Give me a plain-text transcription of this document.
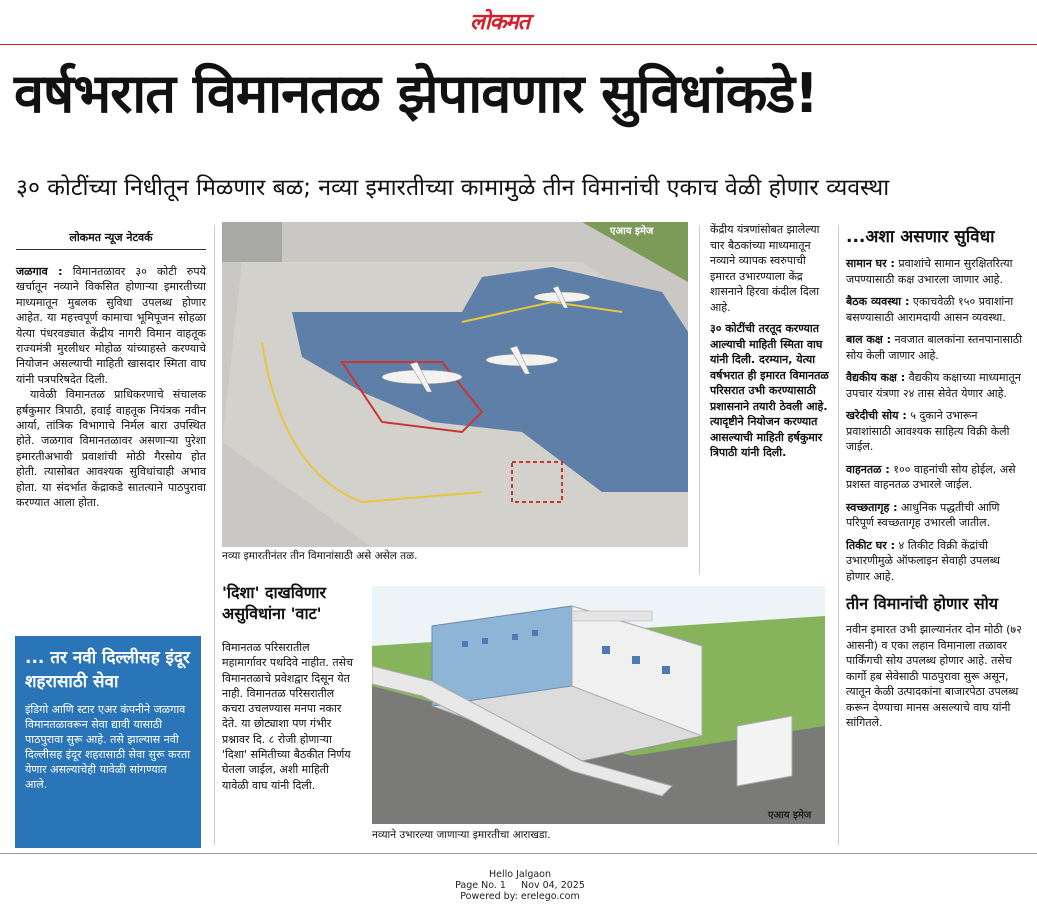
लोकमत
वर्षभरात विमानतळ झेपावणार सुविधांकडे!
३० कोटींच्या निधीतून मिळणार बळ; नव्या इमारतीच्या कामामुळे तीन विमानांची एकाच वेळी होणार व्यवस्था
लोकमत न्यूज नेटवर्क

जळगाव : विमानतळावर ३० कोटी रुपये खर्चातून नव्याने विकसित होणाऱ्या इमारतीच्या माध्यमातून मुबलक सुविधा उपलब्ध होणार आहेत. या महत्त्वपूर्ण कामाचा भूमिपूजन सोहळा येत्या पंधरवड्यात केंद्रीय नागरी विमान वाहतूक राज्यमंत्री मुरलीधर मोहोळ यांच्याहस्ते करण्याचे नियोजन असल्याची माहिती खासदार स्मिता वाघ यांनी पत्रपरिषदेत दिली.

यावेळी विमानतळ प्राधिकरणाचे संचालक हर्षकुमार त्रिपाठी, हवाई वाहतूक नियंत्रक नवीन आर्या, तांत्रिक विभागाचे निर्मल बारा उपस्थित होते. जळगाव विमानतळावर असणाऱ्या पुरेशा इमारतीअभावी प्रवाशांची मोठी गैरसोय होत होती. त्यासोबत आवश्यक सुविधांचाही अभाव होता. या संदर्भात केंद्राकडे सातत्याने पाठपुरावा करण्यात आला होता.

... तर नवी दिल्लीसह इंदूर शहरासाठी सेवा
इंडिगो आणि स्टार एअर कंपनीने जळगाव विमानतळावरून सेवा द्यावी यासाठी पाठपुरावा सुरू आहे. तसे झाल्यास नवी दिल्लीसह इंदूर शहरासाठी सेवा सुरू करता येणार असल्याचेही यावेळी सांगण्यात आले.
एआय इमेज
नव्या इमारतीनंतर तीन विमानांसाठी असे असेल तळ.

केंद्रीय यंत्रणांसोबत झालेल्या चार बैठकांच्या माध्यमातून नव्याने व्यापक स्वरुपाची इमारत उभारण्याला केंद्र शासनाने हिरवा कंदील दिला आहे.

३० कोटींची तरतूद करण्यात आल्याची माहिती स्मिता वाघ यांनी दिली. दरम्यान, येत्या वर्षभरात ही इमारत विमानतळ परिसरात उभी करण्यासाठी प्रशासनाने तयारी ठेवली आहे. त्यादृष्टीने नियोजन करण्यात आसल्याची माहिती हर्षकुमार त्रिपाठी यांनी दिली.

'दिशा' दाखविणार असुविधांना 'वाट'
विमानतळ परिसरातील महामार्गावर पथदिवे नाहीत. तसेच विमानतळाचे प्रवेशद्वार दिसून येत नाही. विमानतळ परिसरातील कचरा उचलण्यास मनपा नकार देते. या छोट्याशा पण गंभीर प्रश्नावर दि. ८ रोजी होणाऱ्या 'दिशा' समितीच्या बैठकीत निर्णय घेतला जाईल, अशी माहिती यावेळी वाघ यांनी दिली.
एआय इमेज
नव्याने उभारल्या जाणाऱ्या इमारतीचा आराखडा.
...अशा असणार सुविधा
सामान घर : प्रवाशांचे सामान सुरक्षितरित्या जपण्यासाठी कक्ष उभारला जाणार आहे.
बैठक व्यवस्था : एकाचवेळी १५० प्रवाशांना बसण्यासाठी आरामदायी आसन व्यवस्था.
बाल कक्ष : नवजात बालकांना स्तनपानासाठी सोय केली जाणार आहे.
वैद्यकीय कक्ष : वैद्यकीय कक्षाच्या माध्यमातून उपचार यंत्रणा २४ तास सेवेत येणार आहे.
खरेदीची सोय : ५ दुकाने उभारून प्रवाशांसाठी आवश्यक साहित्य विक्री केली जाईल.
वाहनतळ : १०० वाहनांची सोय होईल, असे प्रशस्त वाहनतळ उभारले जाईल.
स्वच्छतागृह : आधुनिक पद्धतीची आणि परिपूर्ण स्वच्छतागृह उभारली जातील.
तिकीट घर : ४ तिकीट विक्री केंद्रांची उभारणीमुळे ऑफलाइन सेवाही उपलब्ध होणार आहे.
तीन विमानांची होणार सोय
नवीन इमारत उभी झाल्यानंतर दोन मोठी (७२ आसनी) व एका लहान विमानाला तळावर पार्किंगची सोय उपलब्ध होणार आहे. तसेच कार्गो हब सेवेसाठी पाठपुरावा सुरू असून, त्यातून केळी उत्पादकांना बाजारपेठा उपलब्ध करून देण्याचा मानस असल्याचे वाघ यांनी सांगितले.
Hello Jalgaon
Page No. 1     Nov 04, 2025
Powered by: erelego.com
